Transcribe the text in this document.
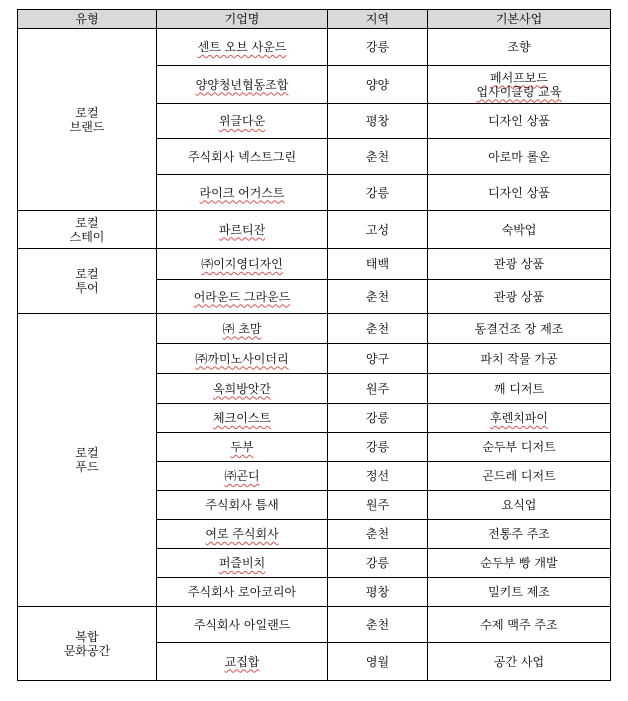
유형	기업명	지역	기본사업

로컬
브랜드	센트 오브 사운드	강릉	조향

	양양청년협동조합	양양	페서프보드
업사이클링 교육

	위글다운	평창	디자인 상품

	주식회사 넥스트그린	춘천	아로마 롤온

	라이크 어거스트	강릉	디자인 상품

로컬
스테이	파르티잔	고성	숙박업

로컬
투어	㈜이지영디자인	태백	관광 상품

	어라운드 그라운드	춘천	관광 상품

로컬
푸드	㈜ 초맘	춘천	동결건조 장 제조

	㈜까미노사이더리	양구	파치 작물 가공

	옥희방앗간	원주	깨 디저트

	체크이스트	강릉	후렌치파이

	두부	강릉	순두부 디저트

	㈜곤디	정선	곤드레 디저트

	주식회사 틈새	원주	요식업

	여로 주식회사	춘천	전통주 주조

	퍼즐비치	강릉	순두부 빵 개발

	주식회사 로아코리아	평창	밀키트 제조

복합
문화공간	주식회사 아일랜드	춘천	수제 맥주 주조

	교집합	영월	공간 사업
